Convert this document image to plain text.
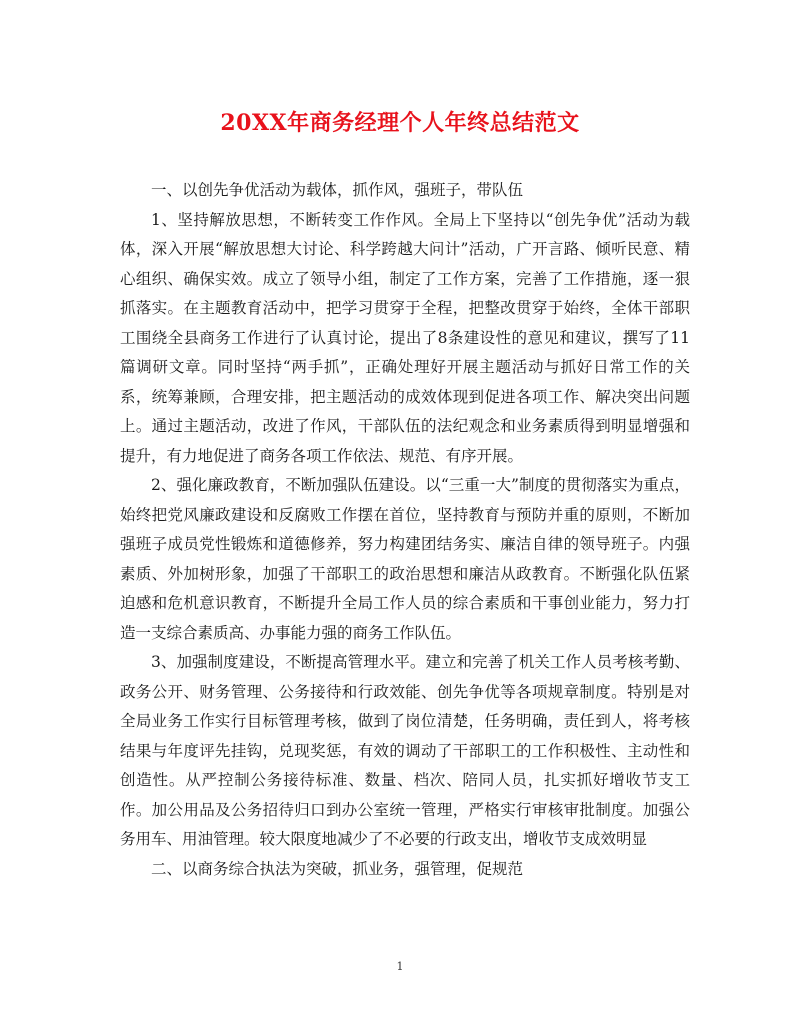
20XX年商务经理个人年终总结范文

一、以创先争优活动为载体，抓作风，强班子，带队伍

1、坚持解放思想，不断转变工作作风。全局上下坚持以“创先争优”活动为载体，深入开展“解放思想大讨论、科学跨越大问计”活动，广开言路、倾听民意、精心组织、确保实效。成立了领导小组，制定了工作方案，完善了工作措施，逐一狠抓落实。在主题教育活动中，把学习贯穿于全程，把整改贯穿于始终，全体干部职工围绕全县商务工作进行了认真讨论，提出了8条建设性的意见和建议，撰写了11篇调研文章。同时坚持“两手抓”，正确处理好开展主题活动与抓好日常工作的关系，统筹兼顾，合理安排，把主题活动的成效体现到促进各项工作、解决突出问题上。通过主题活动，改进了作风，干部队伍的法纪观念和业务素质得到明显增强和提升，有力地促进了商务各项工作依法、规范、有序开展。

2、强化廉政教育，不断加强队伍建设。以“三重一大”制度的贯彻落实为重点，始终把党风廉政建设和反腐败工作摆在首位，坚持教育与预防并重的原则，不断加强班子成员党性锻炼和道德修养，努力构建团结务实、廉洁自律的领导班子。内强素质、外加树形象，加强了干部职工的政治思想和廉洁从政教育。不断强化队伍紧迫感和危机意识教育，不断提升全局工作人员的综合素质和干事创业能力，努力打造一支综合素质高、办事能力强的商务工作队伍。

3、加强制度建设，不断提高管理水平。建立和完善了机关工作人员考核考勤、政务公开、财务管理、公务接待和行政效能、创先争优等各项规章制度。特别是对全局业务工作实行目标管理考核，做到了岗位清楚，任务明确，责任到人，将考核结果与年度评先挂钩，兑现奖惩，有效的调动了干部职工的工作积极性、主动性和创造性。从严控制公务接待标准、数量、档次、陪同人员，扎实抓好增收节支工作。加公用品及公务招待归口到办公室统一管理，严格实行审核审批制度。加强公务用车、用油管理。较大限度地减少了不必要的行政支出，增收节支成效明显

二、以商务综合执法为突破，抓业务，强管理，促规范

1
